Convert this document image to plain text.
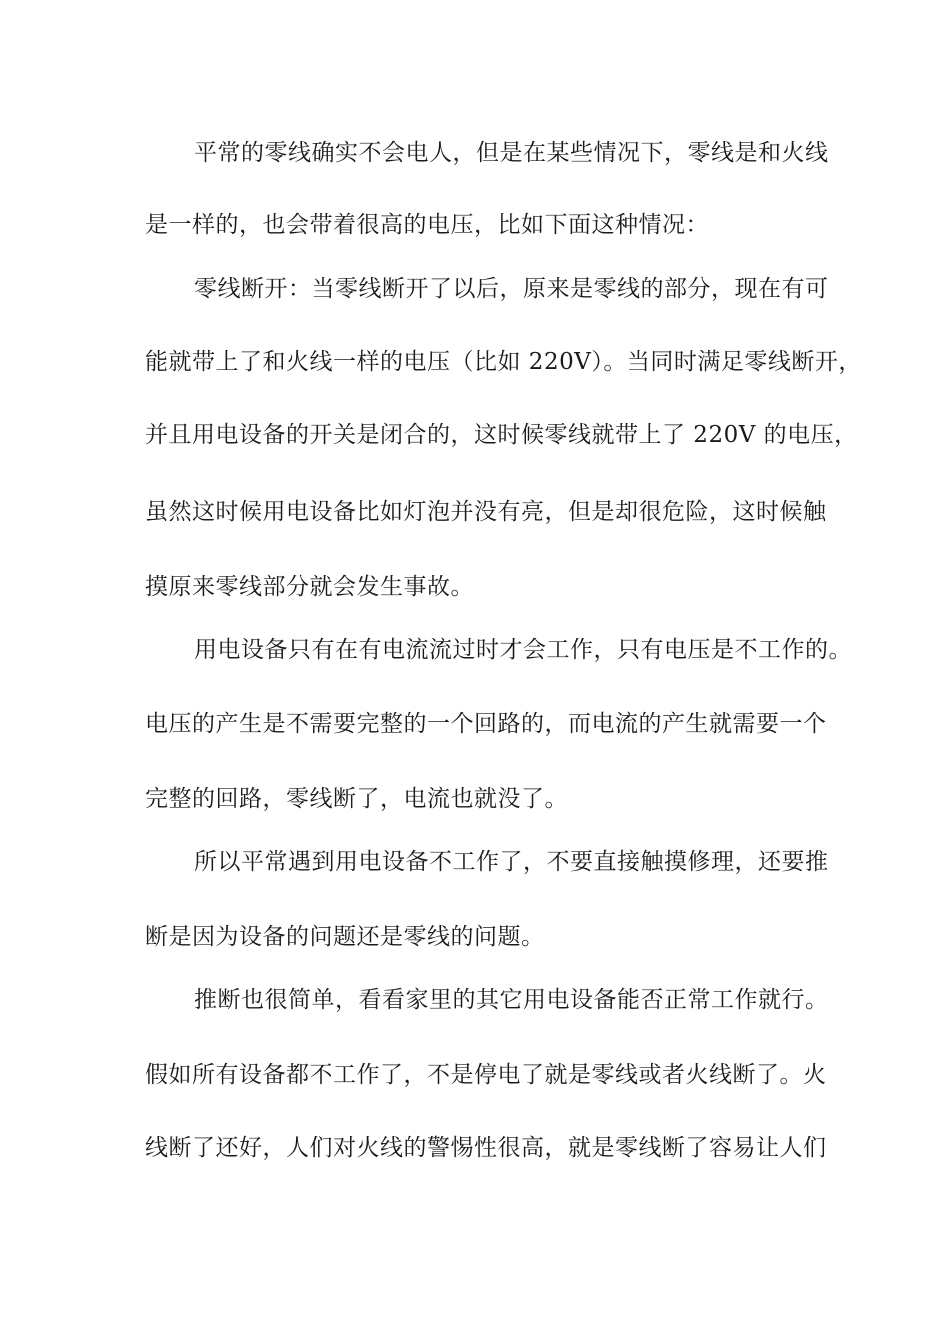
平常的零线确实不会电人，但是在某些情况下，零线是和火线
是一样的，也会带着很高的电压，比如下面这种情况：
零线断开：当零线断开了以后，原来是零线的部分，现在有可
能就带上了和火线一样的电压（比如 220V）。当同时满足零线断开，
并且用电设备的开关是闭合的，这时候零线就带上了 220V 的电压，
虽然这时候用电设备比如灯泡并没有亮，但是却很危险，这时候触
摸原来零线部分就会发生事故。
用电设备只有在有电流流过时才会工作，只有电压是不工作的。
电压的产生是不需要完整的一个回路的，而电流的产生就需要一个
完整的回路，零线断了，电流也就没了。
所以平常遇到用电设备不工作了，不要直接触摸修理，还要推
断是因为设备的问题还是零线的问题。
推断也很简单，看看家里的其它用电设备能否正常工作就行。
假如所有设备都不工作了，不是停电了就是零线或者火线断了。火
线断了还好，人们对火线的警惕性很高，就是零线断了容易让人们
